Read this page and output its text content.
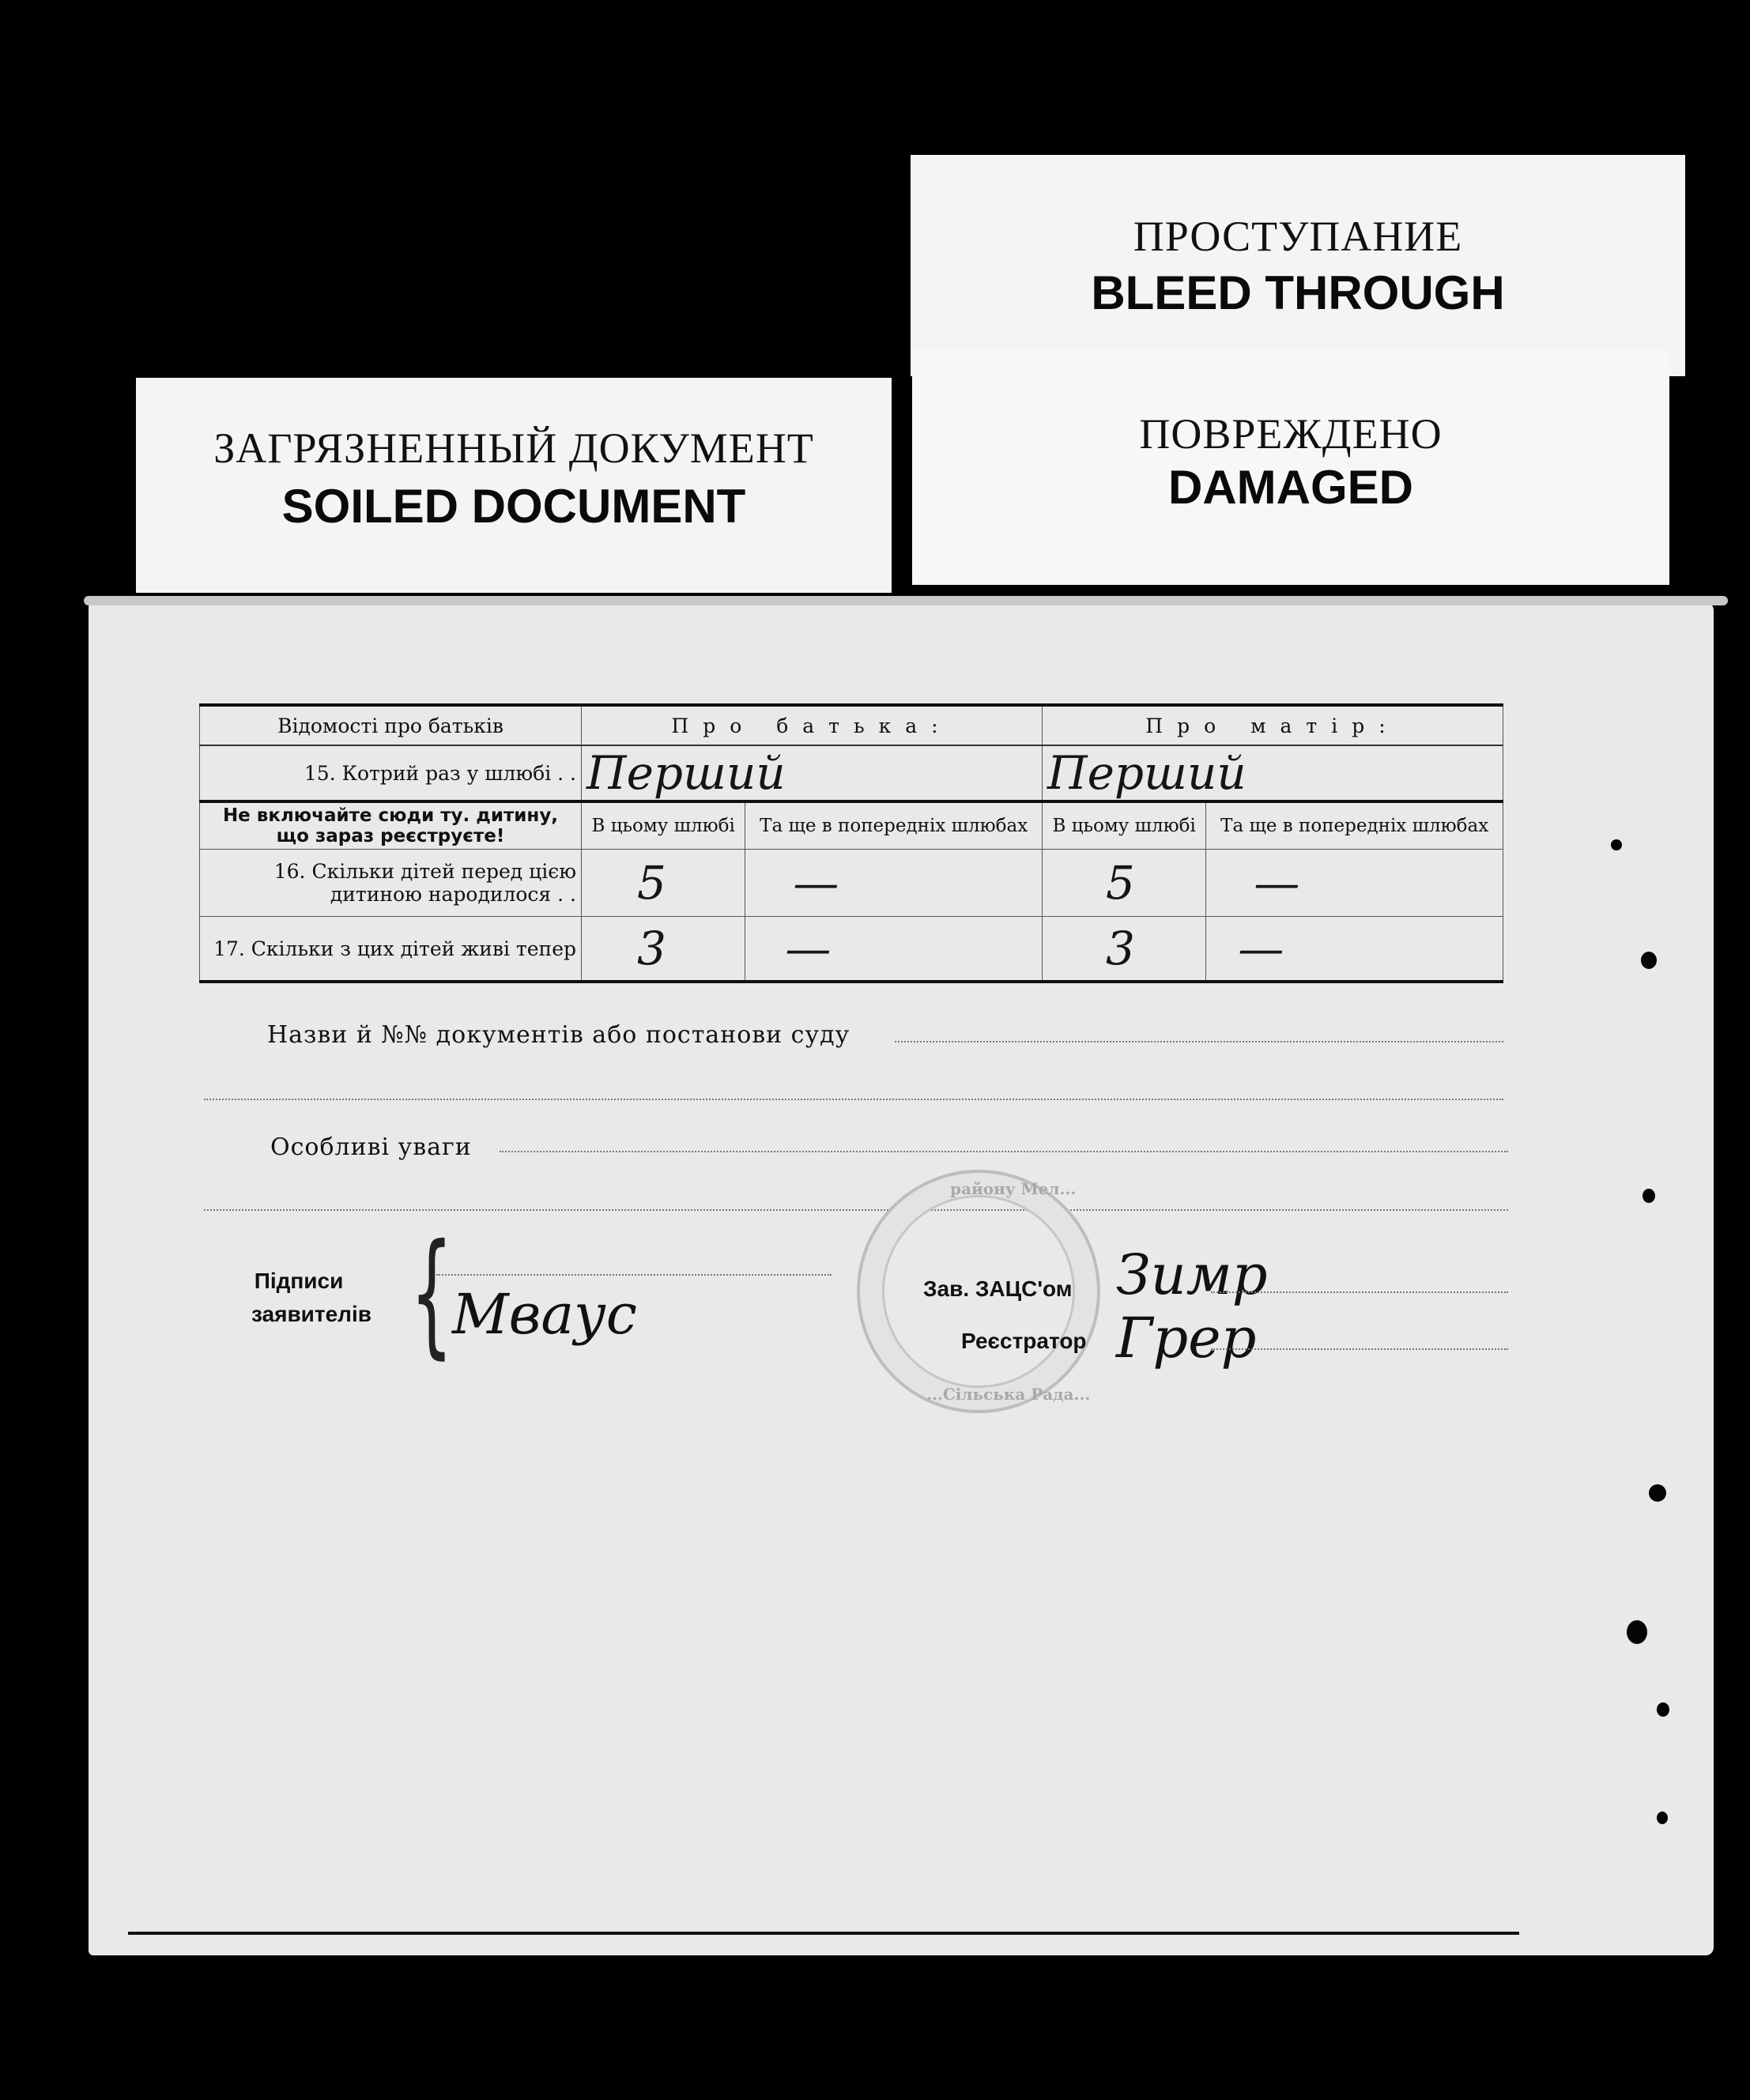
ЗАГРЯЗНЕННЫЙ ДОКУМЕНТ
SOILED DOCUMENT
ПРОСТУПАНИЕ
BLEED THROUGH
ПОВРЕЖДЕНО
DAMAGED
Відомості про батьків	Про батька:		Про матір:	
15. Котрий раз у шлюбі . .	Перший		Перший	
Не включайте сюди ту. дитину, що зараз реєструєте!	В цьому шлюбі	Та ще в попередніх шлюбах	В цьому шлюбі	Та ще в попередніх шлюбах
16. Скільки дітей перед цією дитиною народилося . .	5	—	5	—
17. Скільки з цих дітей живі тепер	3	—	3	—
Назви й №№ документів або постанови суду
Особливі уваги
району Мел...
...Сільська Рада...
Підписи
заявителів {
Мваус	Зав. ЗАЦС'ом Зимр
Реєстратор Грер
